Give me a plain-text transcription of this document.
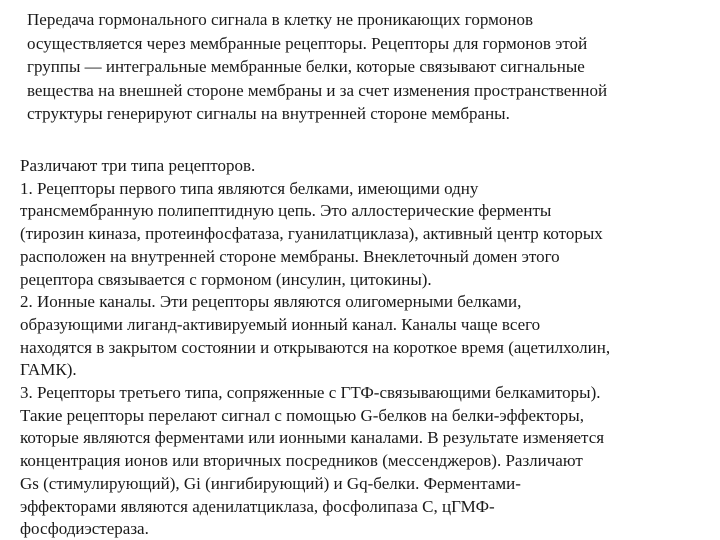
Передача гормонального сигнала в клетку не проникающих гормонов
осуществляется через мембранные рецепторы. Рецепторы для гормонов этой
группы — интегральные мембранные белки, которые связывают сигнальные
вещества на внешней стороне мембраны и за счет изменения пространственной
структуры генерируют сигналы на внутренней стороне мембраны.
Различают три типа рецепторов.
1. Рецепторы первого типа являются белками, имеющими одну
трансмембранную полипептидную цепь. Это аллостерические ферменты
(тирозин киназа, протеинфосфатаза, гуанилатциклаза), активный центр которых
расположен на внутренней стороне мембраны. Внеклеточный домен этого
рецептора связывается с гормоном (инсулин, цитокины).
2. Ионные каналы. Эти рецепторы являются олигомерными белками,
образующими лиганд-активируемый ионный канал. Каналы чаще всего
находятся в закрытом состоянии и открываются на короткое время (ацетилхолин,
ГАМК).
3. Рецепторы третьего типа, сопряженные с ГТФ-связывающими белкамиторы).
Такие рецепторы перелают сигнал с помощью G-белков на белки-эффекторы,
которые являются ферментами или ионными каналами. В результате изменяется
концентрация ионов или вторичных посредников (мессенджеров). Различают
Gs (стимулирующий), Gi (ингибирующий) и Gq-белки. Ферментами-
эффекторами являются аденилатциклаза, фосфолипаза С, цГМФ-
фосфодиэстераза.
